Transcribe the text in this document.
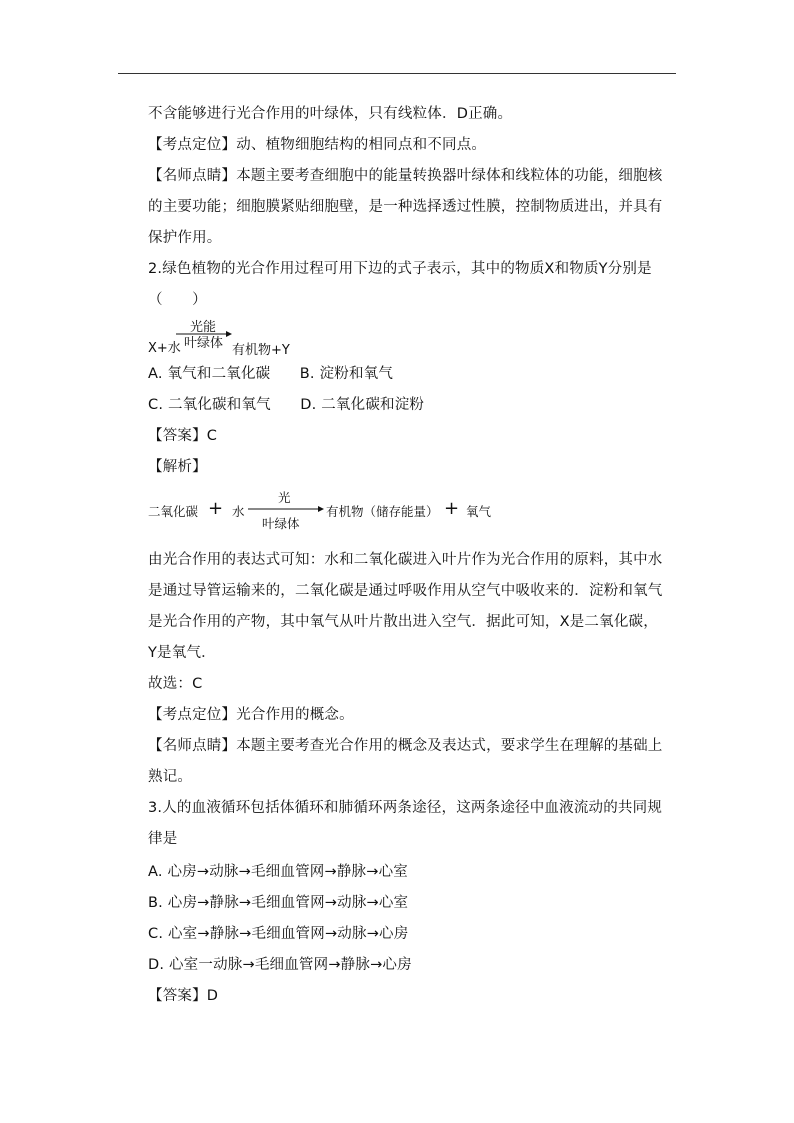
不含能够进行光合作用的叶绿体，只有线粒体．D正确。
【考点定位】动、植物细胞结构的相同点和不同点。
【名师点睛】本题主要考查细胞中的能量转换器叶绿体和线粒体的功能，细胞核
的主要功能；细胞膜紧贴细胞壁，是一种选择透过性膜，控制物质进出，并具有
保护作用。
2.绿色植物的光合作用过程可用下边的式子表示，其中的物质X和物质Y分别是
（　　）
X+水
光能
叶绿体 有机物+Y
A. 氧气和二氧化碳　　B. 淀粉和氧气
C. 二氧化碳和氧气　　D. 二氧化碳和淀粉
【答案】C
【解析】
二氧化碳 + 水
光
叶绿体
有机物（储存能量） + 氧气
由光合作用的表达式可知：水和二氧化碳进入叶片作为光合作用的原料，其中水
是通过导管运输来的，二氧化碳是通过呼吸作用从空气中吸收来的．淀粉和氧气
是光合作用的产物，其中氧气从叶片散出进入空气．据此可知，X是二氧化碳，
Y是氧气．
故选：C
【考点定位】光合作用的概念。
【名师点睛】本题主要考查光合作用的概念及表达式，要求学生在理解的基础上
熟记。
3.人的血液循环包括体循环和肺循环两条途径，这两条途径中血液流动的共同规
律是
A. 心房→动脉→毛细血管网→静脉→心室
B. 心房→静脉→毛细血管网→动脉→心室
C. 心室→静脉→毛细血管网→动脉→心房
D. 心室一动脉→毛细血管网→静脉→心房
【答案】D
